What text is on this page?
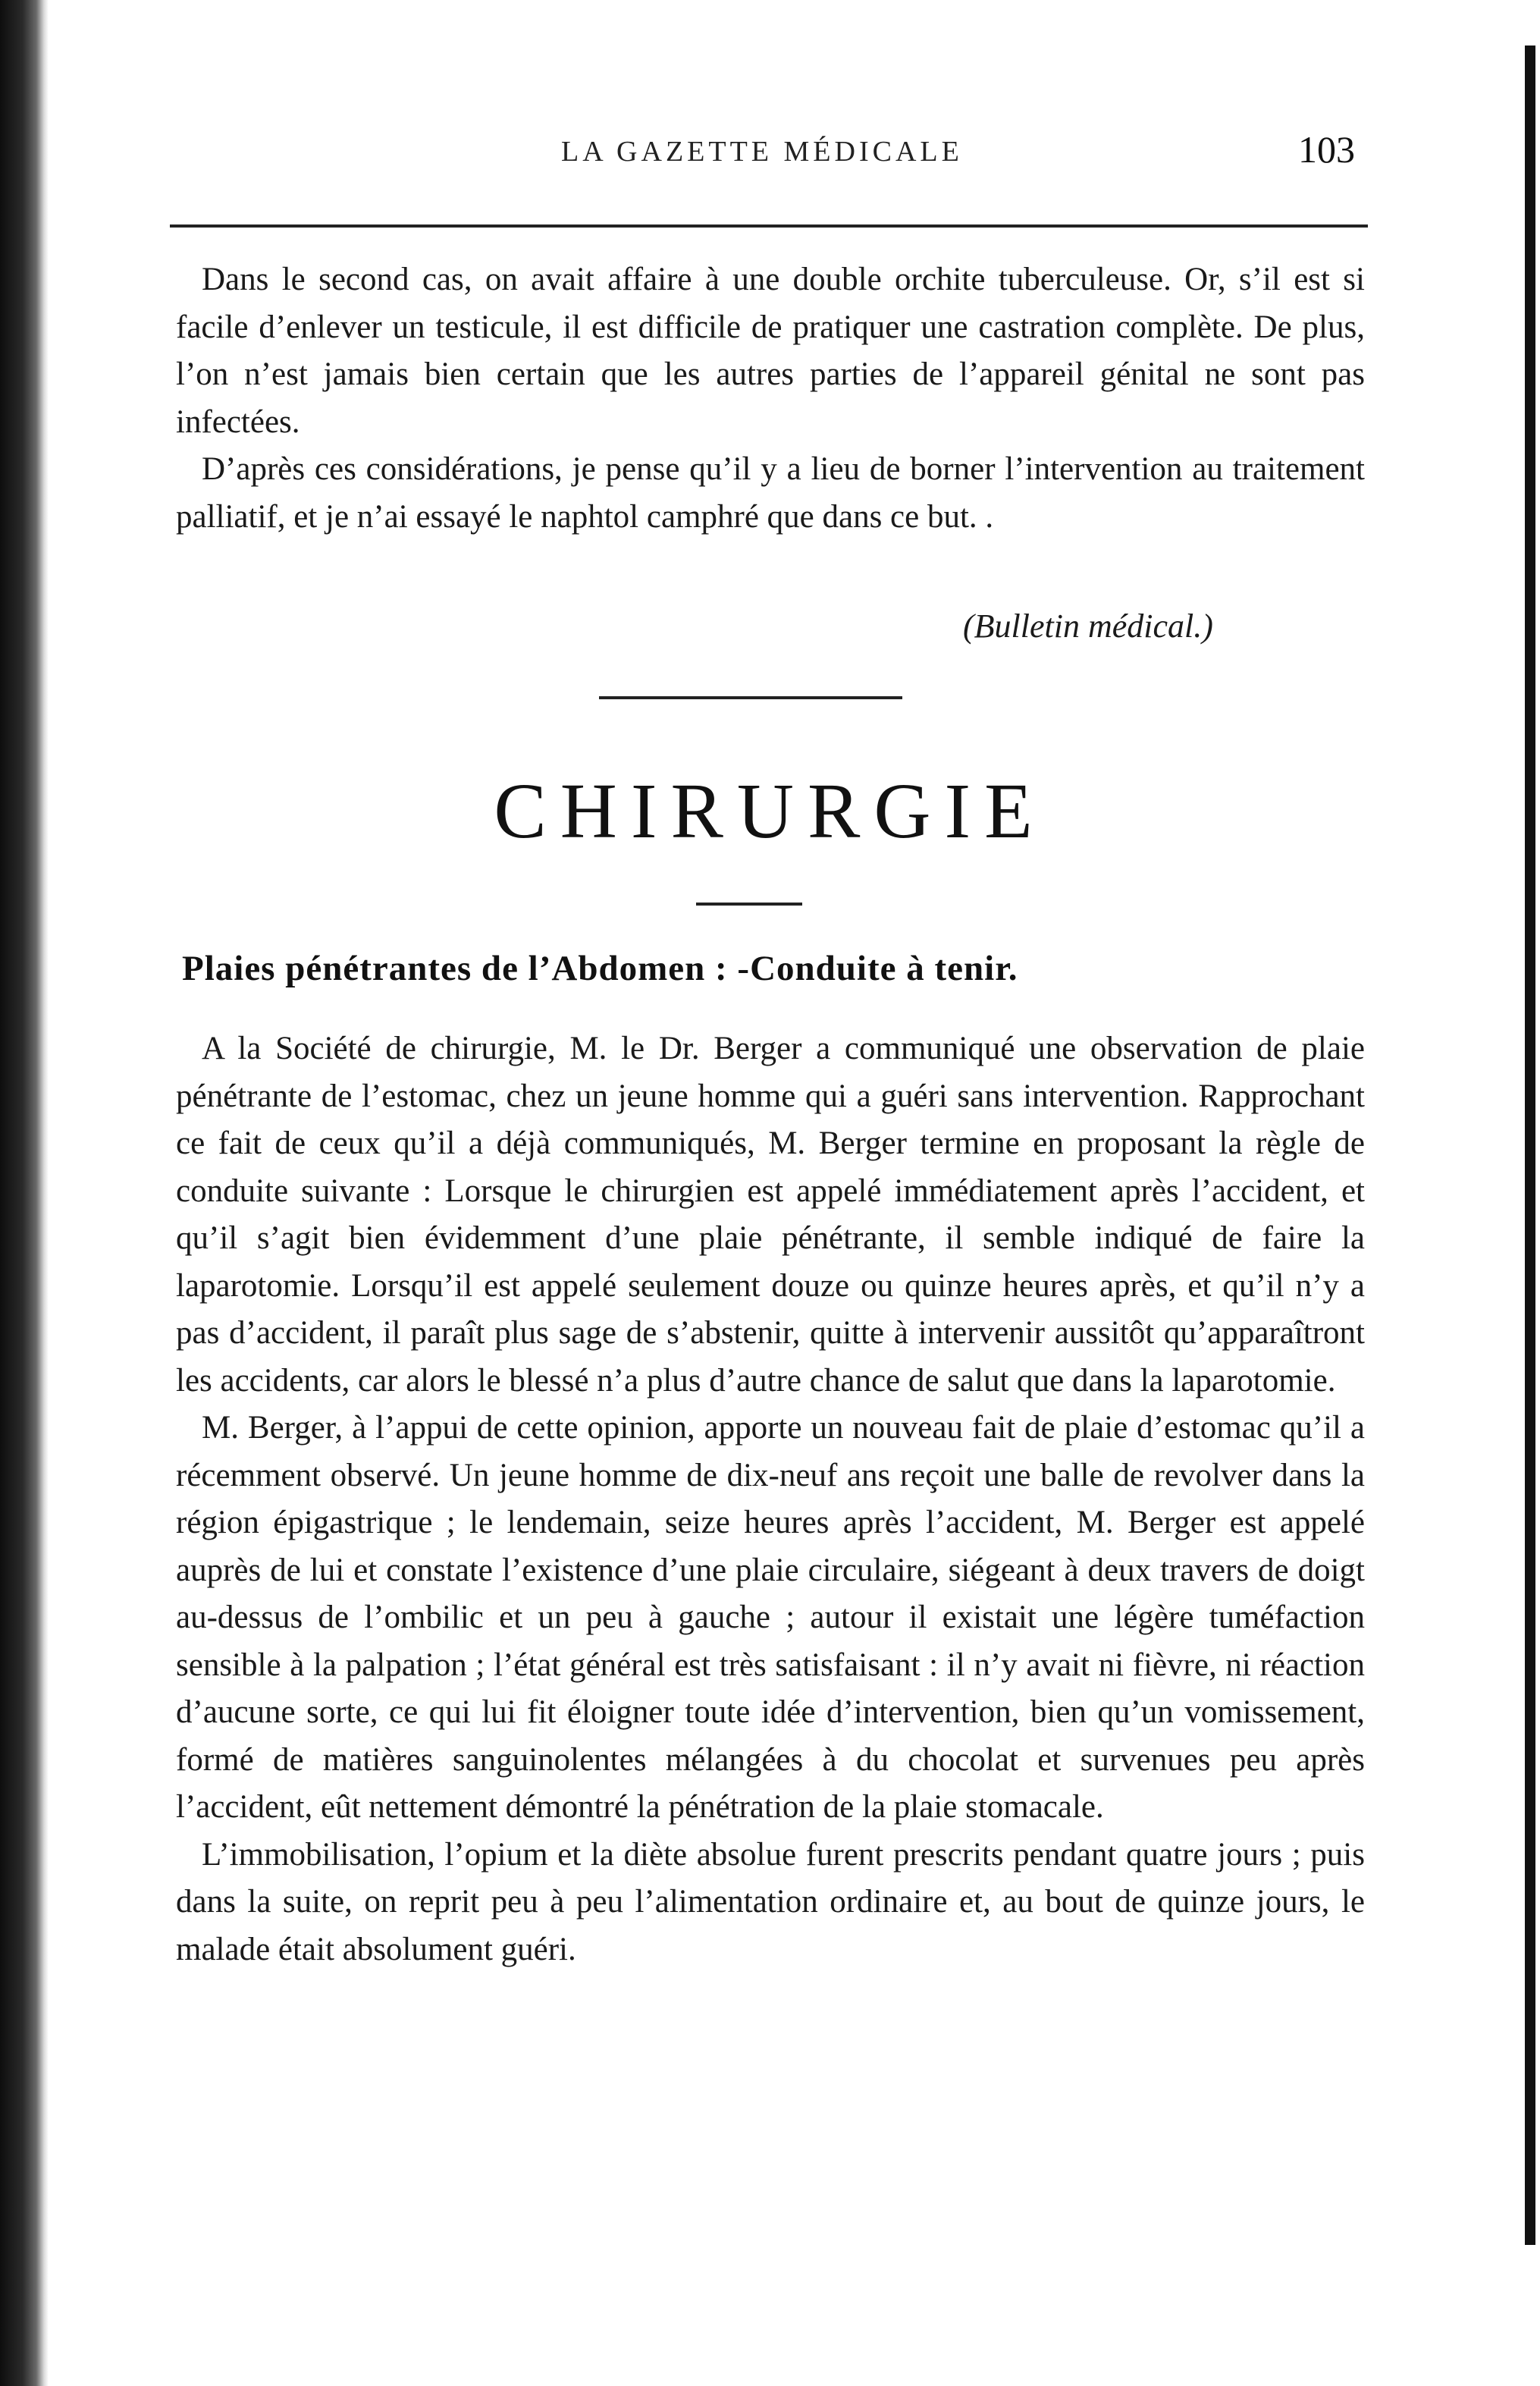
LA GAZETTE MÉDICALE	103

Dans le second cas, on avait affaire à une double orchite tuberculeuse. Or, s’il est si facile d’enlever un testicule, il est difficile de pratiquer une castration complète. De plus, l’on n’est jamais bien certain que les autres parties de l’appareil génital ne sont pas infectées.

D’après ces considérations, je pense qu’il y a lieu de borner l’intervention au traitement palliatif, et je n’ai essayé le naphtol camphré que dans ce but. .

(Bulletin médical.)
CHIRURGIE
Plaies pénétrantes de l’Abdomen : -Conduite à tenir.

A la Société de chirurgie, M. le Dr. Berger a communiqué une observation de plaie pénétrante de l’estomac, chez un jeune homme qui a guéri sans intervention. Rapprochant ce fait de ceux qu’il a déjà communiqués, M. Berger termine en proposant la règle de conduite suivante : Lorsque le chirurgien est appelé immédiatement après l’accident, et qu’il s’agit bien évidemment d’une plaie pénétrante, il semble indiqué de faire la laparotomie. Lorsqu’il est appelé seulement douze ou quinze heures après, et qu’il n’y a pas d’accident, il paraît plus sage de s’abstenir, quitte à intervenir aussitôt qu’apparaîtront les accidents, car alors le blessé n’a plus d’autre chance de salut que dans la laparotomie.

M. Berger, à l’appui de cette opinion, apporte un nouveau fait de plaie d’estomac qu’il a récemment observé. Un jeune homme de dix-neuf ans reçoit une balle de revolver dans la région épigastrique ; le lendemain, seize heures après l’accident, M. Berger est appelé auprès de lui et constate l’existence d’une plaie circulaire, siégeant à deux travers de doigt au-dessus de l’ombilic et un peu à gauche ; autour il existait une légère tuméfaction sensible à la palpation ; l’état général est très satisfaisant : il n’y avait ni fièvre, ni réaction d’aucune sorte, ce qui lui fit éloigner toute idée d’intervention, bien qu’un vomissement, formé de matières sanguinolentes mélangées à du chocolat et survenues peu après l’accident, eût nettement démontré la pénétration de la plaie stomacale.

L’immobilisation, l’opium et la diète absolue furent prescrits pendant quatre jours ; puis dans la suite, on reprit peu à peu l’alimentation ordinaire et, au bout de quinze jours, le malade était absolument guéri.
